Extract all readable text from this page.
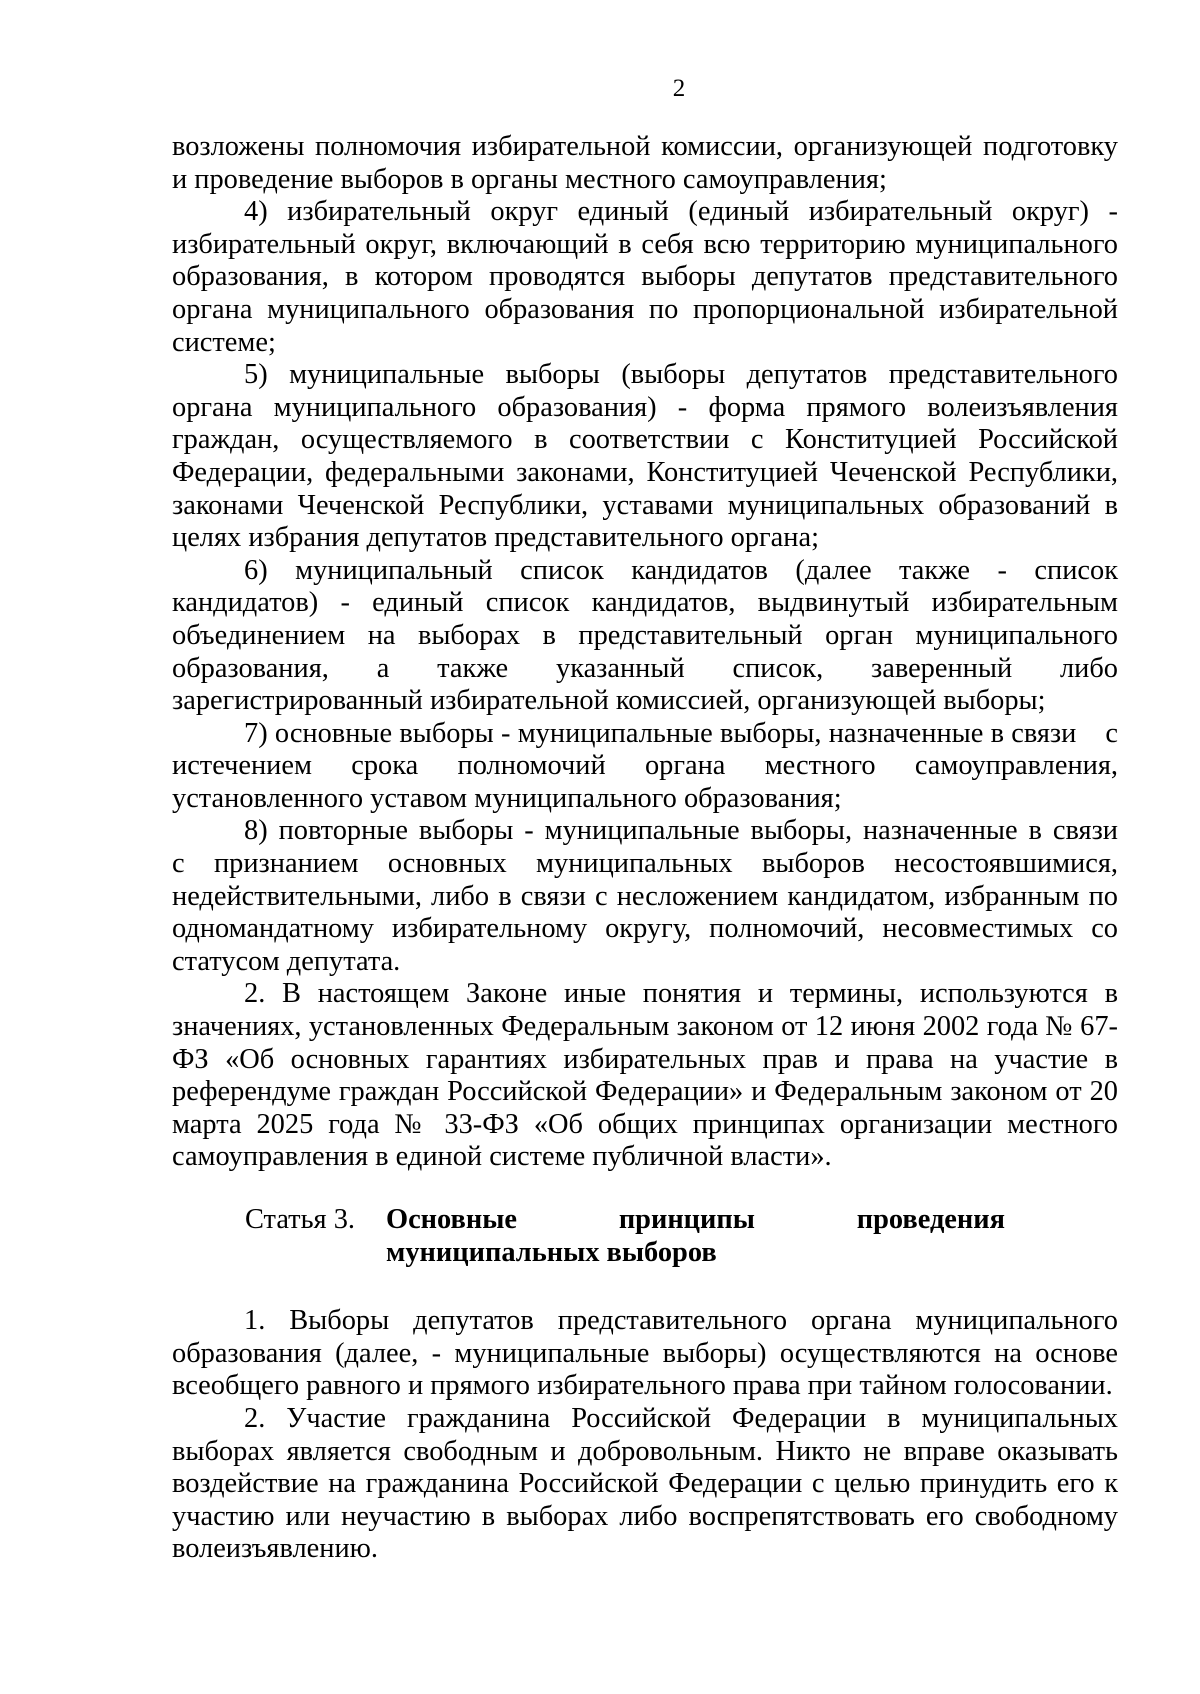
2

возложены полномочия избирательной комиссии, организующей подготовку и проведение выборов в органы местного самоуправления;

4) избирательный округ единый (единый избирательный округ) - избирательный округ, включающий в себя всю территорию муниципального образования, в котором проводятся выборы депутатов представительного органа муниципального образования по пропорциональной избирательной системе;

5) муниципальные выборы (выборы депутатов представительного органа муниципального образования) - форма прямого волеизъявления граждан, осуществляемого в соответствии с Конституцией Российской Федерации, федеральными законами, Конституцией Чеченской Республики, законами Чеченской Республики, уставами муниципальных образований в целях избрания депутатов представительного органа;

6) муниципальный список кандидатов (далее также - список кандидатов) - единый список кандидатов, выдвинутый избирательным объединением на выборах в представительный орган муниципального образования, а также указанный список, заверенный либо зарегистрированный избирательной комиссией, организующей выборы;

7) основные выборы - муниципальные выборы, назначенные в связи    с истечением срока полномочий органа местного самоуправления, установленного уставом муниципального образования;

8) повторные выборы - муниципальные выборы, назначенные в связи   с признанием основных муниципальных выборов несостоявшимися, недействительными, либо в связи с несложением кандидатом, избранным по одномандатному избирательному округу, полномочий, несовместимых со статусом депутата.

2. В настоящем Законе иные понятия и термины, используются в значениях, установленных Федеральным законом от 12 июня 2002 года № 67-ФЗ «Об основных гарантиях избирательных прав и права на участие в референдуме граждан Российской Федерации» и Федеральным законом от 20 марта 2025 года № 33-ФЗ «Об общих принципах организации местного самоуправления в единой системе публичной власти».

Статья 3.	Основные принципы проведения муниципальных выборов

1. Выборы депутатов представительного органа муниципального образования (далее, - муниципальные выборы) осуществляются на основе всеобщего равного и прямого избирательного права при тайном голосовании.

2. Участие гражданина Российской Федерации в муниципальных выборах является свободным и добровольным. Никто не вправе оказывать воздействие на гражданина Российской Федерации с целью принудить его к участию или неучастию в выборах либо воспрепятствовать его свободному волеизъявлению.
